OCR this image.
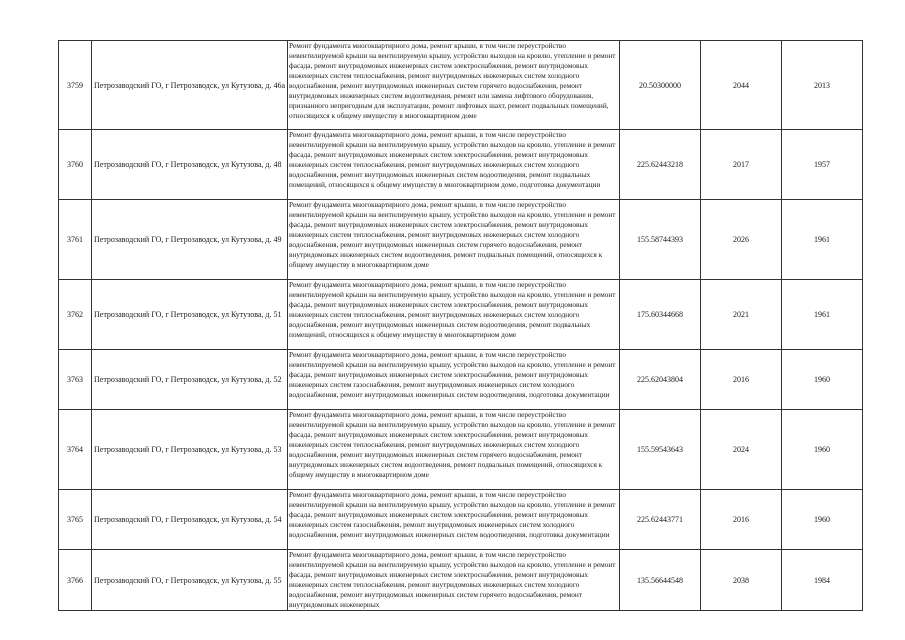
3759	Петрозаводский ГО, г Петрозаводск, ул Кутузова, д. 46а	Ремонт фундамента многоквартирного дома, ремонт крыши, в том числе переустройство невентилируемой крыши на вентилируемую крышу, устройство выходов на кровлю, утепление и ремонт фасада, ремонт внутридомовых инженерных систем электроснабжения, ремонт внутридомовых инженерных систем теплоснабжения, ремонт внутридомовых инженерных систем холодного водоснабжения, ремонт внутридомовых инженерных систем горячего водоснабжения, ремонт внутридомовых инженерных систем водоотведения, ремонт или замена лифтового оборудования, признанного непригодным для эксплуатации, ремонт лифтовых шахт, ремонт подвальных помещений, относящихся к общему имуществу в многоквартирном доме	20.50300000	2044	2013
3760	Петрозаводский ГО, г Петрозаводск, ул Кутузова, д. 48	Ремонт фундамента многоквартирного дома, ремонт крыши, в том числе переустройство невентилируемой крыши на вентилируемую крышу, устройство выходов на кровлю, утепление и ремонт фасада, ремонт внутридомовых инженерных систем электроснабжения, ремонт внутридомовых инженерных систем теплоснабжения, ремонт внутридомовых инженерных систем холодного водоснабжения, ремонт внутридомовых инженерных систем водоотведения, ремонт подвальных помещений, относящихся к общему имуществу в многоквартирном доме, подготовка документации	225.62443218	2017	1957
3761	Петрозаводский ГО, г Петрозаводск, ул Кутузова, д. 49	Ремонт фундамента многоквартирного дома, ремонт крыши, в том числе переустройство невентилируемой крыши на вентилируемую крышу, устройство выходов на кровлю, утепление и ремонт фасада, ремонт внутридомовых инженерных систем электроснабжения, ремонт внутридомовых инженерных систем теплоснабжения, ремонт внутридомовых инженерных систем холодного водоснабжения, ремонт внутридомовых инженерных систем горячего водоснабжения, ремонт внутридомовых инженерных систем водоотведения, ремонт подвальных помещений, относящихся к общему имуществу в многоквартирном доме	155.58744393	2026	1961
3762	Петрозаводский ГО, г Петрозаводск, ул Кутузова, д. 51	Ремонт фундамента многоквартирного дома, ремонт крыши, в том числе переустройство невентилируемой крыши на вентилируемую крышу, устройство выходов на кровлю, утепление и ремонт фасада, ремонт внутридомовых инженерных систем электроснабжения, ремонт внутридомовых инженерных систем теплоснабжения, ремонт внутридомовых инженерных систем холодного водоснабжения, ремонт внутридомовых инженерных систем водоотведения, ремонт подвальных помещений, относящихся к общему имуществу в многоквартирном доме	175.60344668	2021	1961
3763	Петрозаводский ГО, г Петрозаводск, ул Кутузова, д. 52	Ремонт фундамента многоквартирного дома, ремонт крыши, в том числе переустройство невентилируемой крыши на вентилируемую крышу, устройство выходов на кровлю, утепление и ремонт фасада, ремонт внутридомовых инженерных систем электроснабжения, ремонт внутридомовых инженерных систем газоснабжения, ремонт внутридомовых инженерных систем холодного водоснабжения, ремонт внутридомовых инженерных систем водоотведения, подготовка документации	225.62043804	2016	1960
3764	Петрозаводский ГО, г Петрозаводск, ул Кутузова, д. 53	Ремонт фундамента многоквартирного дома, ремонт крыши, в том числе переустройство невентилируемой крыши на вентилируемую крышу, устройство выходов на кровлю, утепление и ремонт фасада, ремонт внутридомовых инженерных систем электроснабжения, ремонт внутридомовых инженерных систем теплоснабжения, ремонт внутридомовых инженерных систем холодного водоснабжения, ремонт внутридомовых инженерных систем горячего водоснабжения, ремонт внутридомовых инженерных систем водоотведения, ремонт подвальных помещений, относящихся к общему имуществу в многоквартирном доме	155.59543643	2024	1960
3765	Петрозаводский ГО, г Петрозаводск, ул Кутузова, д. 54	Ремонт фундамента многоквартирного дома, ремонт крыши, в том числе переустройство невентилируемой крыши на вентилируемую крышу, устройство выходов на кровлю, утепление и ремонт фасада, ремонт внутридомовых инженерных систем электроснабжения, ремонт внутридомовых инженерных систем газоснабжения, ремонт внутридомовых инженерных систем холодного водоснабжения, ремонт внутридомовых инженерных систем водоотведения, подготовка документации	225.62443771	2016	1960
3766	Петрозаводский ГО, г Петрозаводск, ул Кутузова, д. 55	Ремонт фундамента многоквартирного дома, ремонт крыши, в том числе переустройство невентилируемой крыши на вентилируемую крышу, устройство выходов на кровлю, утепление и ремонт фасада, ремонт внутридомовых инженерных систем электроснабжения, ремонт внутридомовых инженерных систем теплоснабжения, ремонт внутридомовых инженерных систем холодного водоснабжения, ремонт внутридомовых инженерных систем горячего водоснабжения, ремонт внутридомовых инженерных	135.56644548	2038	1984
